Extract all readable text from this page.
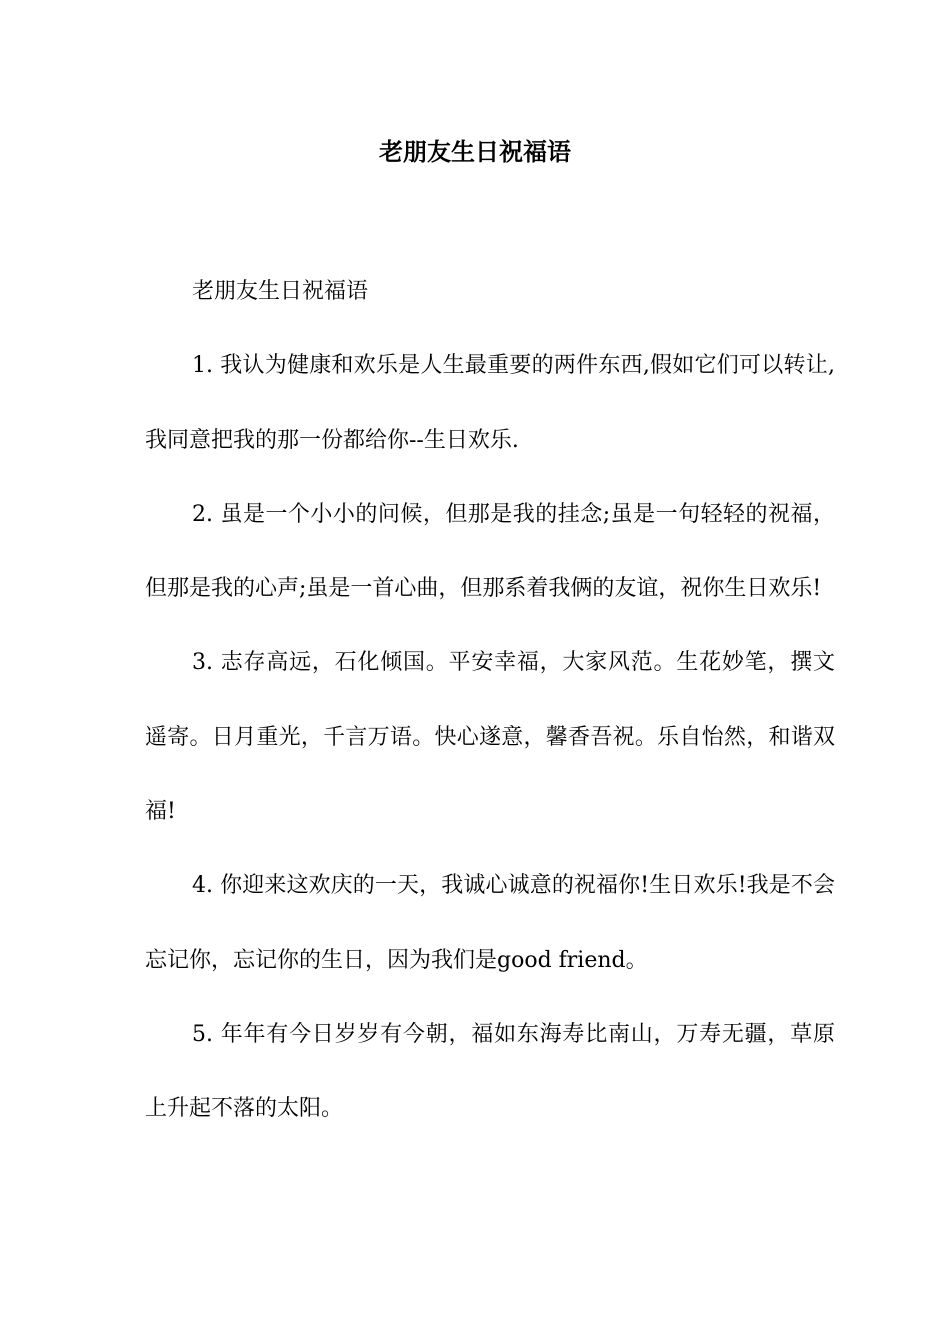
老朋友生日祝福语

老朋友生日祝福语

1. 我认为健康和欢乐是人生最重要的两件东西,假如它们可以转让,我同意把我的那一份都给你--生日欢乐.

2. 虽是一个小小的问候，但那是我的挂念;虽是一句轻轻的祝福，但那是我的心声;虽是一首心曲，但那系着我俩的友谊，祝你生日欢乐!

3. 志存高远，石化倾国。平安幸福，大家风范。生花妙笔，撰文遥寄。日月重光，千言万语。快心遂意，馨香吾祝。乐自怡然，和谐双福!

4. 你迎来这欢庆的一天，我诚心诚意的祝福你!生日欢乐!我是不会忘记你，忘记你的生日，因为我们是good friend。

5. 年年有今日岁岁有今朝，福如东海寿比南山，万寿无疆，草原上升起不落的太阳。
